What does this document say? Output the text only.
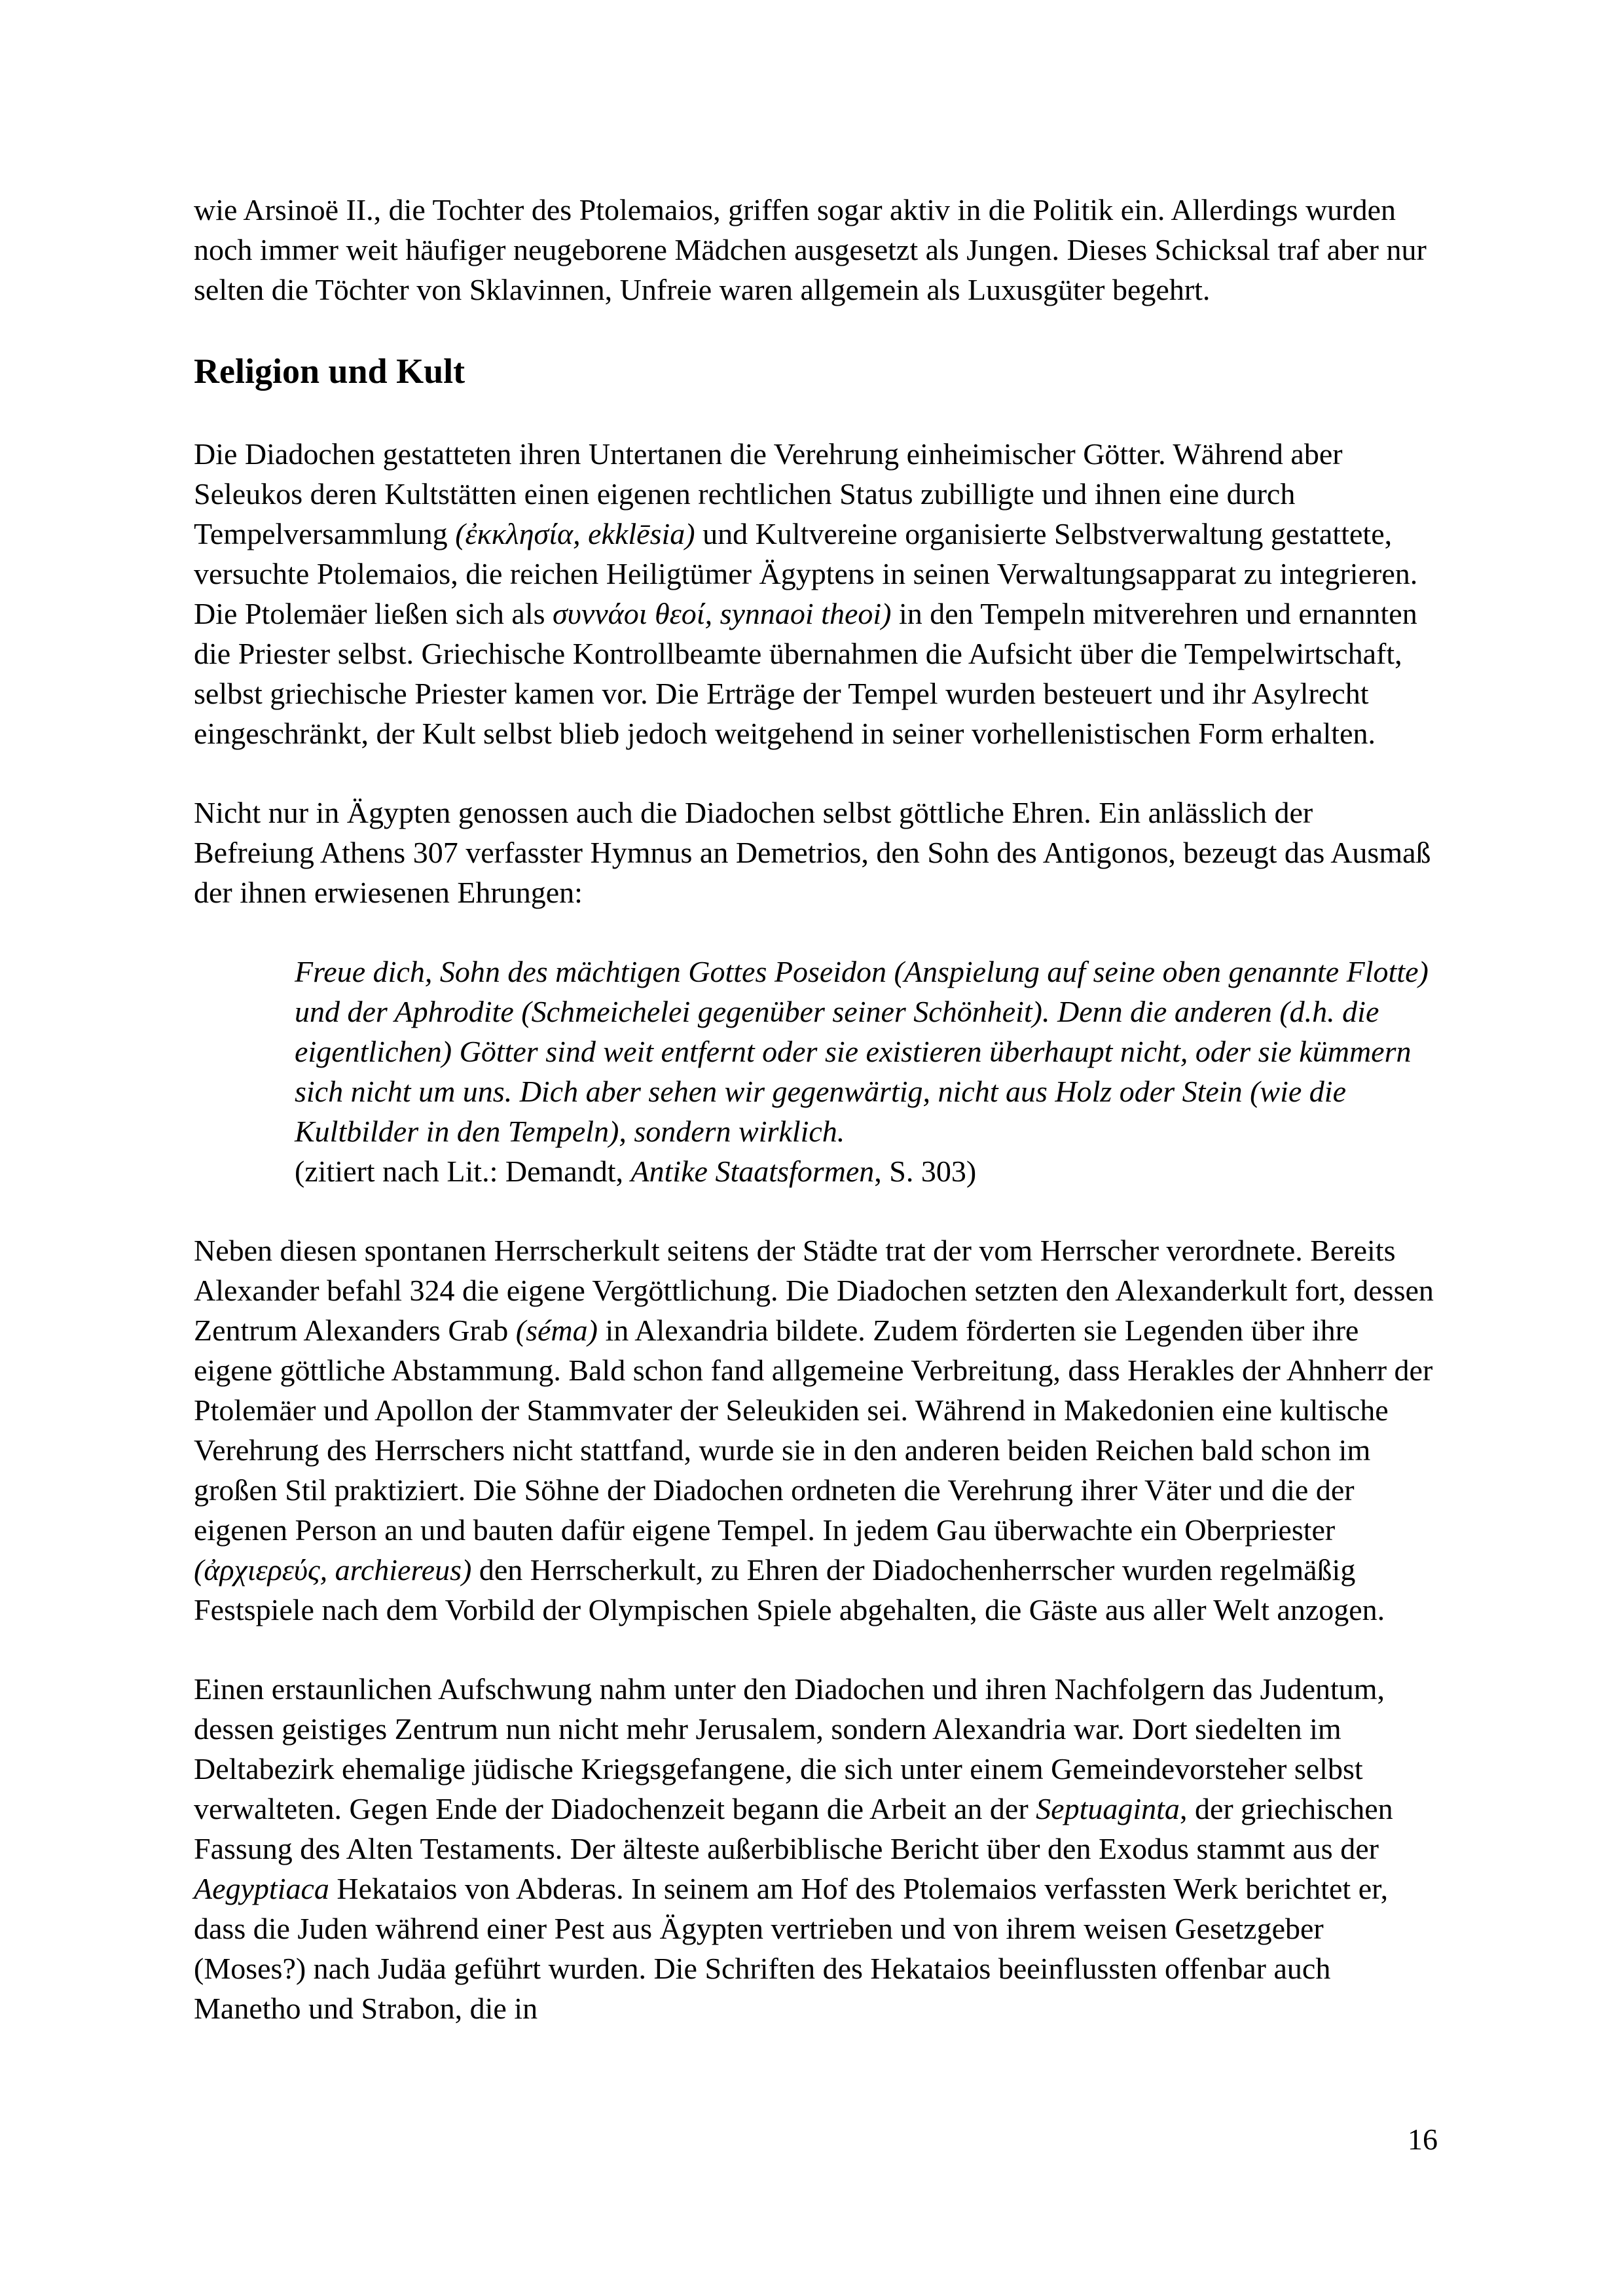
wie Arsinoë II., die Tochter des Ptolemaios, griffen sogar aktiv in die Politik ein. Allerdings wurden noch immer weit häufiger neugeborene Mädchen ausgesetzt als Jungen. Dieses Schicksal traf aber nur selten die Töchter von Sklavinnen, Unfreie waren allgemein als Luxusgüter begehrt.

Religion und Kult

Die Diadochen gestatteten ihren Untertanen die Verehrung einheimischer Götter. Während aber Seleukos deren Kultstätten einen eigenen rechtlichen Status zubilligte und ihnen eine durch Tempelversammlung (ἐκκλησία, ekklēsia) und Kultvereine organisierte Selbstverwaltung gestattete, versuchte Ptolemaios, die reichen Heiligtümer Ägyptens in seinen Verwaltungsapparat zu integrieren. Die Ptolemäer ließen sich als συννάοι θεοί, synnaoi theoi) in den Tempeln mitverehren und ernannten die Priester selbst. Griechische Kontrollbeamte übernahmen die Aufsicht über die Tempelwirtschaft, selbst griechische Priester kamen vor. Die Erträge der Tempel wurden besteuert und ihr Asylrecht eingeschränkt, der Kult selbst blieb jedoch weitgehend in seiner vorhellenistischen Form erhalten.

Nicht nur in Ägypten genossen auch die Diadochen selbst göttliche Ehren. Ein anlässlich der Befreiung Athens 307 verfasster Hymnus an Demetrios, den Sohn des Antigonos, bezeugt das Ausmaß der ihnen erwiesenen Ehrungen:

Freue dich, Sohn des mächtigen Gottes Poseidon (Anspielung auf seine oben genannte Flotte) und der Aphrodite (Schmeichelei gegenüber seiner Schönheit). Denn die anderen (d.h. die eigentlichen) Götter sind weit entfernt oder sie existieren überhaupt nicht, oder sie kümmern sich nicht um uns. Dich aber sehen wir gegenwärtig, nicht aus Holz oder Stein (wie die Kultbilder in den Tempeln), sondern wirklich.

(zitiert nach Lit.: Demandt, Antike Staatsformen, S. 303)

Neben diesen spontanen Herrscherkult seitens der Städte trat der vom Herrscher verordnete. Bereits Alexander befahl 324 die eigene Vergöttlichung. Die Diadochen setzten den Alexanderkult fort, dessen Zentrum Alexanders Grab (séma) in Alexandria bildete. Zudem förderten sie Legenden über ihre eigene göttliche Abstammung. Bald schon fand allgemeine Verbreitung, dass Herakles der Ahnherr der Ptolemäer und Apollon der Stammvater der Seleukiden sei. Während in Makedonien eine kultische Verehrung des Herrschers nicht stattfand, wurde sie in den anderen beiden Reichen bald schon im großen Stil praktiziert. Die Söhne der Diadochen ordneten die Verehrung ihrer Väter und die der eigenen Person an und bauten dafür eigene Tempel. In jedem Gau überwachte ein Oberpriester (ἀρχιερεύς, archiereus) den Herrscherkult, zu Ehren der Diadochenherrscher wurden regelmäßig Festspiele nach dem Vorbild der Olympischen Spiele abgehalten, die Gäste aus aller Welt anzogen.

Einen erstaunlichen Aufschwung nahm unter den Diadochen und ihren Nachfolgern das Judentum, dessen geistiges Zentrum nun nicht mehr Jerusalem, sondern Alexandria war. Dort siedelten im Deltabezirk ehemalige jüdische Kriegsgefangene, die sich unter einem Gemeindevorsteher selbst verwalteten. Gegen Ende der Diadochenzeit begann die Arbeit an der Septuaginta, der griechischen Fassung des Alten Testaments. Der älteste außerbiblische Bericht über den Exodus stammt aus der Aegyptiaca Hekataios von Abderas. In seinem am Hof des Ptolemaios verfassten Werk berichtet er, dass die Juden während einer Pest aus Ägypten vertrieben und von ihrem weisen Gesetzgeber (Moses?) nach Judäa geführt wurden. Die Schriften des Hekataios beeinflussten offenbar auch Manetho und Strabon, die in

16
